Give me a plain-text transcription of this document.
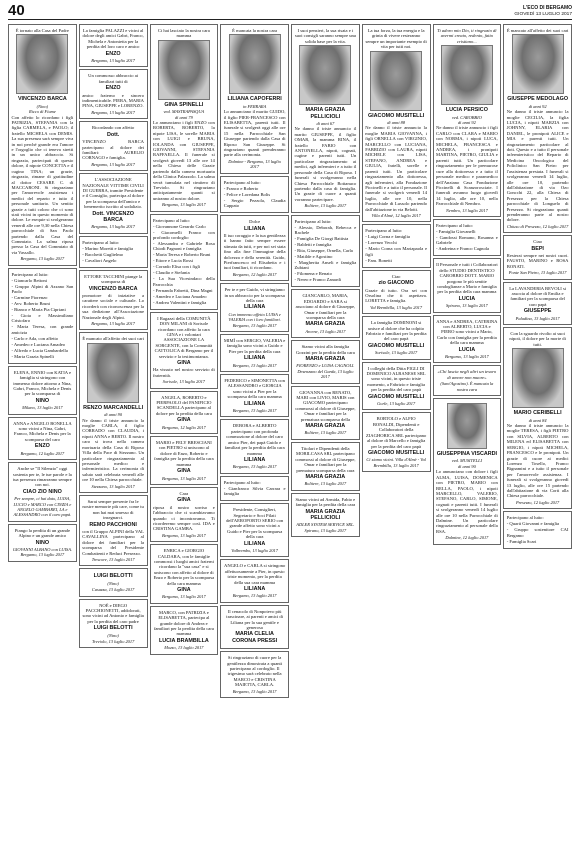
40	L'ECO DI BERGAMO
GIOVEDÌ 13 LUGLIO 2017

È tornato alla Casa del Padre

VINCENZO BARCA
(Nino)
Ricco di Fiume

Con affetto lo ricordano i figli PATRIZIA, STEFANIA con la figlia CARMELA, e PAOLO; il fratello MICHELA con DEMIS. La sua presenza sarà sempre viva in noi perché grande era l'amore e l'orgoglio che ci teneva stretti in un unico abbraccio. Si ringrazia, partecipati di questo dolore, il nipote CONCETTA e il cugino TINA; un grazie, ringrazio, rimane di gratitudine al dottor CESARE C. di MACCARONI. Si ringraziano per l'amorevole assistenza i medici del reparto e tutto il personale sanitario. Un sentito grazie a tutti coloro che ci sono stati vicini in questo momento di dolore. Le esequie si svolgeranno venerdì alle ore 9,30 nella Chiesa parrocchiale di San Paolo partendo dalla Casa del Commiato. La salma riposa presso la Casa del Commiato di via Vassallo.

Bergamo, 13 luglio 2017

Partecipano al lutto:

- Giancarlo Bettoni

- Gruppo Alpini di Azzano San Paolo

- Carmine Fiorenzo

- Avv. Roberto Bruni

- Bianco e Maria Pia Cipriani

- Gioia e Massimiliano Cristofaro

- Maria Teresa, con grande amicizia

- Carlo e Ada, con affetto

- Amedeo e Luciana Amadeo

- Alfredo e Lucia Gambardella

- Maria Grazia Spinelli

ELENA, ENNIO con KATIA e famiglia si stringono con immenso dolore attorno a Nina, Gabri, Franco, Michela e Denis per la scomparsa di

NINO
Milano, 13 luglio 2017

ANNA e ANGELO BONELLA sono vicini a Nina, Gabri, Franco, Michela e Denis per la scomparsa del caro

ENZO
Bergamo, 12 luglio 2017

Anche se "Il Silenzio" oggi sostenta per te, le tue parole e la tua presenza rimarranno sempre con noi.

CIAO ZIO NINO
Per sempre, ci hai dato, LUISA, LUCIO e MARCO con CINZIA e ANGELO GAMBAREI, LA e ALESSANDRO con il caro papà.

Piango la perdita di un grande Alpino e un grande amico

NINO
GIOVANNI ALBANO con LUISA. Bergamo, 13 luglio 2017

La famiglia PALAZZI e vicini al dolore degli amici Gabri, Franco, Michela e Antonietta per la perdita del loro caro e amico

ENZO
Bergamo, 13 luglio 2017

Un commosso abbraccio ai familiari tutti di

ENZO

amico fraterno e sincero indimenticabile. PIERA, MARIA PINA, GIUSEPPE e LORENZO.

Bergamo, 13 luglio 2017

Ricordando con affetto

Dott.

VINCENZO BARCA partecipano al dolore dei familiari: AURELIO CORNAGO e famiglia.

Bergamo, 13 luglio 2017

L'ASSOCIAZIONE NAZIONALE VITTIME CIVILI DI GUERRA, tramite Presidente e il Consiglio, partecipa al dolore per la scomparsa dell'amico e benemerito iscritto al sodalizio.

Dott. VINCENZO BARCA
Bergamo, 13 luglio 2017

Partecipano al lutto:

- Marino Moretti e famiglia

- Bacchetti Guglielmo

- Cavaliori Angelo

ETTORE TACCHINI piange la scomparsa di

VINCENZO BARCA

promotore di iniziative a carattere sociale e culturale. Lo ricorderà con riconoscenza per la sua dedizione all'Associazione Nazionale degli Alpini.

Bergamo, 13 luglio 2017

È mancato all'affetto dei suoi cari

RENZO MARCANDELLI
di anni 90

Ne danno il triste annuncio la moglie CARLA, il figlio CORRADO con CLAUDIA, i nipoti ANNA e BERTO. Il nostro caro si trova nella camera mortuaria della Casa di Riposo Villa della Pace di Stezzano. Un particolare ringraziamento al personale medico e infermieristico. La cerimonia di saluto sarà celebrata venerdì alle ore 10 nella Chiesa parrocchiale.

Stezzano, 13 luglio 2017

Sarai sempre presente fra le nostre memorie più care, come tu non hai mai smesso di insegnarci.

REMO PACCHIONI

con il Gruppo ALPINI della VAL CAVALLINA partecipano al dolore dei familiari per la scomparsa del Presidente Combattenti e Reduci Presezzo.

Trescore, 13 luglio 2017
LUIGI BELOTTI
(Nino)
Casazza, 13 luglio 2017

NOÈ e DIEGO PACCHIONETTI, addolorati, sono vicini ad Antonio e famiglia per la perdita del caro padre

LUIGI BELOTTI
(Nino)
Treviolo, 13 luglio 2017

Ci hai lasciato la nostra cara mamma

GINA SPINELLI
ved. MASTRAPASQUA
di anni 79

Lo annunciano i figli ENZO con ROBERTA, ROBERTO, la nipote LISA, le sorelle MARIA con LUIGI e BRUNA, IOLANDA con GIUSEPPE, GIOVANNI, STEFANIA RAFFAELLA. Il funerale si svolgerà giovedì 13 alle ore 14 nella Chiesa delle Grazie partendo dalla camera mortuaria della Clinica Palazzolo. La salma verrà tumulata nel cimitero di Treviolo. Si ringraziano anticipatamente quanti si uniranno al nostro dolore.

Bergamo, 13 luglio 2017

Partecipano al lutto:

- Giovannone Gerardo Carlo

- Giacomelli Franco con profondo cordoglio

- Alessandra e Gabriele Rosa Chiodi Pagnoni e famiglia

- Maria Teresa e Roberto Bruni

- Ettore e Lucia Rossi

- Corrado Elisa con i figli

- Claudio e Stefania

- La Sua Vicesindaco della Parrocchia

- Fernanda Fabretti, Dina Magni

- Amedeo e Luciana Amadeo

- Andrea Valentini e famiglia

I Ragazzi della COMUNITÀ DON MILANI di Sorisole ricordano con affetto la cara GINA e i volontari ASSOCIAZIONE LA SORGENTE, con la Comunità CATTOLICA di Bergamo per il servizio e la testimonianza.

GINA

Ha vissuto nel nostro servizio di fraternità.

Sorisole, 13 luglio 2017

ANGELA, ROBERTO e PIERPAOLO del PANIFICIO SCANDELLA partecipano al dolore per la perdita della cara

GINA
Bergamo, 12 luglio 2017

MARIO e FELY BRESCIANI con PIETRO si uniscono al dolore di Enzo, Roberto e famiglia per la perdita della cara mamma

GINA
Bergamo, 13 luglio 2017

Cara

GINA

riposa il nostro sorriso e l'abbraccio che ci scambiavamo quando ci incontravamo. Ti ricorderemo sempre così. IDA e CRISTINA GAMBA.

Bergamo, 13 luglio 2017

ENRICA e GIORGIO CALDARA, con le famiglie commossi i luoghi amici fraterni ricordano la "sua casa" e si uniscono con affetto al dolore di Enzo e Roberto per la scomparsa della cara mamma

GINA
Bergamo, 13 luglio 2017

MARCO, con PATRIZIA e ELISABETTA, partecipa al grande dolore di Andrea e familiari per la perdita della cara mamma

LUCIA BRAMBILLA
Mozzo, 13 luglio 2017

È mancata la nostra cara

LILIANA CAPOFERRI
in FERRARA

Lo annunciano il marito GUIDO, il figlio PIER-FRANCESCO con ELISABETTA, parenti tutti. Il funerale si svolgerà oggi alle ore 15 nella Parrocchiale San Giuseppe partendo dalla Casa di Riposo San Giuseppe. Si ringraziano quanti prenderanno parte alla cerimonia.

Dalmine - Bergamo, 13 luglio 2017

Partecipano al lutto:

- Franco e Roberto

- Felice e Loredana Bolis

- Sergio Pezzola, Claudia Cappato

Dolce

LILIANA

Il tuo coraggio e la tua gentilezza ti hanno fatto sempre essere stimata da tutti, e per noi sei stata fino alla fine l'immagine della dolcezza e della serenità. Guido, Pierfrancesco ed Elisabetta e i tuoi familiari, ti ricordano.

Bergamo, 12 luglio 2017

Per te e per Guido, vi stringiamo in un abbraccio per la scomparsa della cara

LILIANA
Con immenso affetto LUISA e VALERIA con i loro familiari. Bergamo, 13 luglio 2017

MIMÌ con SERGIO, VALERIA e famiglia sono vicini a Guido e Pier per la perdita della cara

LILIANA
Bergamo, 13 luglio 2017

FEDERICO e SIMONETTA con ALESSANDRO e GIORGIA sono vicini a Pier per la scomparsa della cara mamma

LILIANA
Bergamo, 13 luglio 2017

DEBORA e ALBERTO partecipano con profonda commozione al dolore del caro amico Pier, dei papà Guido e familiari per la perdita della cara mamma

LILIANA
Bergamo, 13 luglio 2017

Partecipano al lutto:

- Gianfranco Silvia Carrara e famiglia

Presidente, Consiglieri, Segretario e Soci Pilati dell'AEROPORTO SERIO con grande affetto sono vicini a Guido e Pier per la scomparsa della cara

LILIANA
Valbrembo, 13 luglio 2017

ANGELO e CARLA si stringono affettuosamente a Pier, in questo triste momento, per la perdita della sua cara mamma

LILIANA
Bergamo, 13 luglio 2017

Il cenacolo di Nonpotevo più trascinare, ai parenti e amici di Liliana per la sua gentile e generosa

MARIA CLELIA CORONA PRESSI

Si ringraziano di cuore per la gentilezza dimostrata a quanti partecipano al cordoglio. Il trigesimo sarà celebrato nella MARCO e CRISTINA MAIETTA, CARLA.

Bergamo, 13 luglio 2017

I suoi pensieri, la sua risata e i suoi consigli saranno sempre una solida base per la vita.

MARIA GRAZIA PELLICIOLI
di anni 67

Ne danno il triste annuncio il marito GIUSEPPE, il figlio OMAR, la mamma RINA, il fratello FABIO con ANTONELLA, nipoti, cognati, cugine e parenti tutti. Un particolare ringraziamento ai medici, agli infermieri e a tutto il personale della Casa di Riposo. I funerali si svolgeranno nella Chiesa Parrocchiale Bottanuco partendo dalla casa di famiglia. Un grazie di cuore a quanti vorranno partecipare.

Boltiere, 13 luglio 2017

Partecipano al lutto:

- Alessio, Deborah, Rebecca e Rachele

- Famiglia De Giorgi Battista

- Baldetti e famiglia

- Rita, Giuseppe, Ornella, Carla

- Matilde e Agostino

- Margherita Anseli e famiglia Zubiani

- Filomena e Renato

- Nereo e Franco Zanardi

GIANCARLO, MARIA, EDOARDO e SARA si associano al dolore di Giuseppe, Omar e familiari per la scomparsa della cara

MARIA GRAZIA
Arcene, 13 luglio 2017

Siamo vicini alla famiglia Gozzini per la perdita della cara

MARIA GRAZIA
FIORENZO e LUISA CAGNOLI. Desenzano del Garda, 13 luglio 2017

GIOVANNA con RENATO, MARI con LIVIO, MARIS con GIACOMO partecipano commossi al dolore di Giuseppe, Omar e familiari per la prematura scomparsa della

MARIA GRAZIA
Boltiere, 13 luglio 2017

Titolari e Dipendenti della MOBILCASA SRL partecipano commossi al dolore di Giuseppe, Omar e familiari per la prematura scomparsa della cara

MARIA GRAZIA
Boltiere, 13 luglio 2017

Siamo vicini ad Armida, Fabio e famiglia per la perdita della cara

MARIA GRAZIA PELLICIOLI
ADLER SYSTEM SERVICE SRL. Spirano, 13 luglio 2017

La tua forza, la tua energia e la grinta di vivere resteranno sempre un importante esempio di vita per tutti noi.

GIACOMO MUSITELLI
di anni 88

Ne danno il triste annuncio la moglie MARIA GIOVANNA, i figli ORNELLA con VIRGINIO, MARCELLO con LUCIANA, FABRIZIO con LAURA, nipoti MICHELE con LISA, STEFANO, ANDREA e GIULIA, fratelli, sorelle e parenti tutti. Un particolare ringraziamento alla dottoressa, agli infermieri, alla Fondazione Piccinelli e a tutto il personale. Il funerale si svolgerà venerdì 14 luglio, alle ore 10, nella Parrocchiale di Lussolo partendo dall'abitazione in via Belotti.

Villa d'Almè, 12 luglio 2017

Partecipano al lutto:

- Luigi Corna e famiglia

- Lorenzo Vecchi

- Mario Corna con Mariapaola e figli

- Fam. Bonetti

Ciao

zio GIACOMO

Grazie di tutto. Ora sei con Orsolina che ti aspettava. LORETTA e famiglia.

Val Brembilla, 13 luglio 2017

La famiglia DOMINONI si unisce al dolore che ha colpito Fabrizio e familiari per la perdita del caro papà

GIACOMO MUSITELLI
Sorisole, 13 luglio 2017

I colleghi della Ditta FIGLI DI DOMENICO ALBANESE SRL sono vicini, in questo triste momento, a Fabrizio e famiglia per la perdita del caro papà

GIACOMO MUSITELLI
Gorle, 13 luglio 2017

BORTOLO e ALFIO BONALDI, Dipendenti e Collaboratori della ZIAGHORICA SRL partecipano al dolore di Marcello e famiglia per la perdita del caro papà

GIACOMO MUSITELLI
Ci siamo vicini. Villa d'Almè - Val Brembilla, 13 luglio 2017

Ti adoro mio Dio, ti ringrazio di avermi creato, redento, fatto cristiano...

LUCIA PERSICO
ved. CAROBBIO
di anni 92

Ne danno il triste annuncio i figli CARLO con CLARA e MARIO con NORMA, i nipoti LUCA, MICHELA, FRANCESCA e ANDREA, i pronipoti MARTINA, PIETRO, GIULIA e parenti tutti. Un particolare ringraziamento per le premurose cure alla dottoressa e a tutto il personale medico e paramedico dell'Anziano Casa Fondazione Piccinelli di Scanzorosciate. I funerali avranno luogo giovedì 14 luglio, alle ore 10, nella Parrocchiale di Nembro.

Nembro, 13 luglio 2017

Partecipano al lutto:

- Famiglia Giovanelli

- Gandossi Romano, Rosanna e Gabriele

- Andreina e Franco Cagnola

Il Personale e tutti i Collaboratori dello STUDIO DENTISTICO CAROBBIO DOTT. MARIO porgono le più sentite condoglianze a Mario e famiglia per la perdita della cara mamma

LUCIA
Spirano, 13 luglio 2017

ANNA e ANDREA, CATERINA con ALBERTO, LUCIA e PIERO sono vicini a Mario, Carlo con famiglia per la perdita della cara mamma

LUCIA
Bergamo, 13 luglio 2017

«Chi lascia negli altri un tesoro di amore non muore»

(Sant'Agostino). È mancata la nostra cara
GIUSEPPINA VISCARDI
ved. MUSITELLI
di anni 90

Lo annunciano con dolore i figli ALMA, LUISA, DOMENICA con PIETRO, MARIO con BELLA, PAOLO, i nipoti MARCELLO, VALERIO, STEFANO, CARLO, SIMONE, cognati e parenti tutti. I funerali si svolgeranno venerdì 14 luglio alle ore 10 nella Parrocchiale di Dalmine. Un particolare ringraziamento al personale della RSA.

Dalmine, 12 luglio 2017

È mancato all'affetto dei suoi cari

GIUSEPPE MEDOLAGO
di anni 92

Ne danno il triste annuncio la moglie CECILIA, la figlia LUCIA, i nipoti MARZIA con JOHNNY, ELARIA con DANIEL, le pronipoti ALICE e MIA e parenti tutti. Un ringraziamento particolare al dott. Questo e a tutto il personale infermieristico del Reparto di Medicina Oncologica del Policlinico San Pietro per l'assistenza prestata. I funerali si svolgeranno venerdì 14 luglio, alle ore 10, partendo dall'abitazione di via Ozo Goncchi 22, alla Chiesa di Presezzo per la Chiesa parrocchiale di Longuelo di Presezzo. Si ringraziano quanti prenderanno parte al nostro dolore.

Chiuso di Presezzo, 12 luglio 2017

Ciao

BEPI

Resterai sempre nei nostri cuori. FAUSTO, MARINO e ROSA BONATI.

Ponte San Pietro, 13 luglio 2017

La LAVANDERIA BEVOLI si associa al dolore di Emilia e familiari per la scomparsa del caro papà

GIUSEPPE
Paladina, 13 luglio 2017

Con la sguardo rivolto ai suoi nipoti, il dolore per la morte di tutti.

MARIO CERIBELLI
di anni 84

Ne danno il triste annuncio la moglie TERESA, i figli PIETRO con SILVIA, ALBERTO con MILENA ed ELISABETTA con SERGIO, i nipoti MICHELA, FRANCESCO e le pronipoti. Un grazie di cuore ai medici Lorenzo Tosello, Franco Bignamini e a tutto il personale per l'amorevole assistenza. I funerali si svolgeranno giovedì 13 luglio, alle ore 15 partendo dall'abitazione di via Corti alla Chiesa parrocchiale.

Presezzo, 12 luglio 2017

Partecipano al lutto:

- Quarti Giovanni e famiglia

- Gruppo sostenitore CAI Bergamo

- Famiglia Scari
